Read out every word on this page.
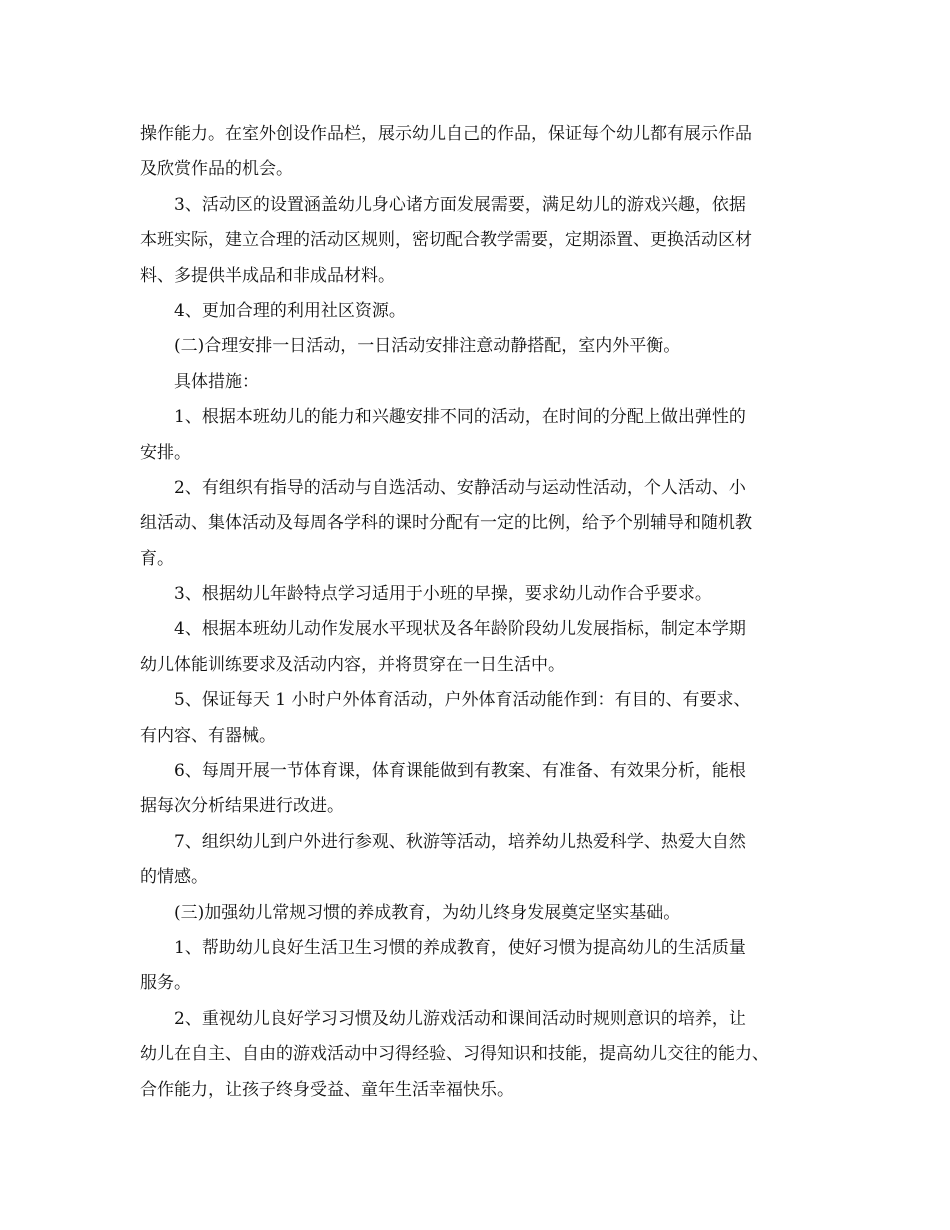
操作能力。在室外创设作品栏，展示幼儿自己的作品，保证每个幼儿都有展示作品
及欣赏作品的机会。

3、活动区的设置涵盖幼儿身心诸方面发展需要，满足幼儿的游戏兴趣，依据
本班实际，建立合理的活动区规则，密切配合教学需要，定期添置、更换活动区材
料、多提供半成品和非成品材料。

4、更加合理的利用社区资源。

(二)合理安排一日活动，一日活动安排注意动静搭配，室内外平衡。

具体措施：

1、根据本班幼儿的能力和兴趣安排不同的活动，在时间的分配上做出弹性的
安排。

2、有组织有指导的活动与自选活动、安静活动与运动性活动，个人活动、小
组活动、集体活动及每周各学科的课时分配有一定的比例，给予个别辅导和随机教
育。

3、根据幼儿年龄特点学习适用于小班的早操，要求幼儿动作合乎要求。

4、根据本班幼儿动作发展水平现状及各年龄阶段幼儿发展指标，制定本学期
幼儿体能训练要求及活动内容，并将贯穿在一日生活中。

5、保证每天 1 小时户外体育活动，户外体育活动能作到：有目的、有要求、
有内容、有器械。

6、每周开展一节体育课，体育课能做到有教案、有准备、有效果分析，能根
据每次分析结果进行改进。

7、组织幼儿到户外进行参观、秋游等活动，培养幼儿热爱科学、热爱大自然
的情感。

(三)加强幼儿常规习惯的养成教育，为幼儿终身发展奠定坚实基础。

1、帮助幼儿良好生活卫生习惯的养成教育，使好习惯为提高幼儿的生活质量
服务。

2、重视幼儿良好学习习惯及幼儿游戏活动和课间活动时规则意识的培养，让
幼儿在自主、自由的游戏活动中习得经验、习得知识和技能，提高幼儿交往的能力、
合作能力，让孩子终身受益、童年生活幸福快乐。
